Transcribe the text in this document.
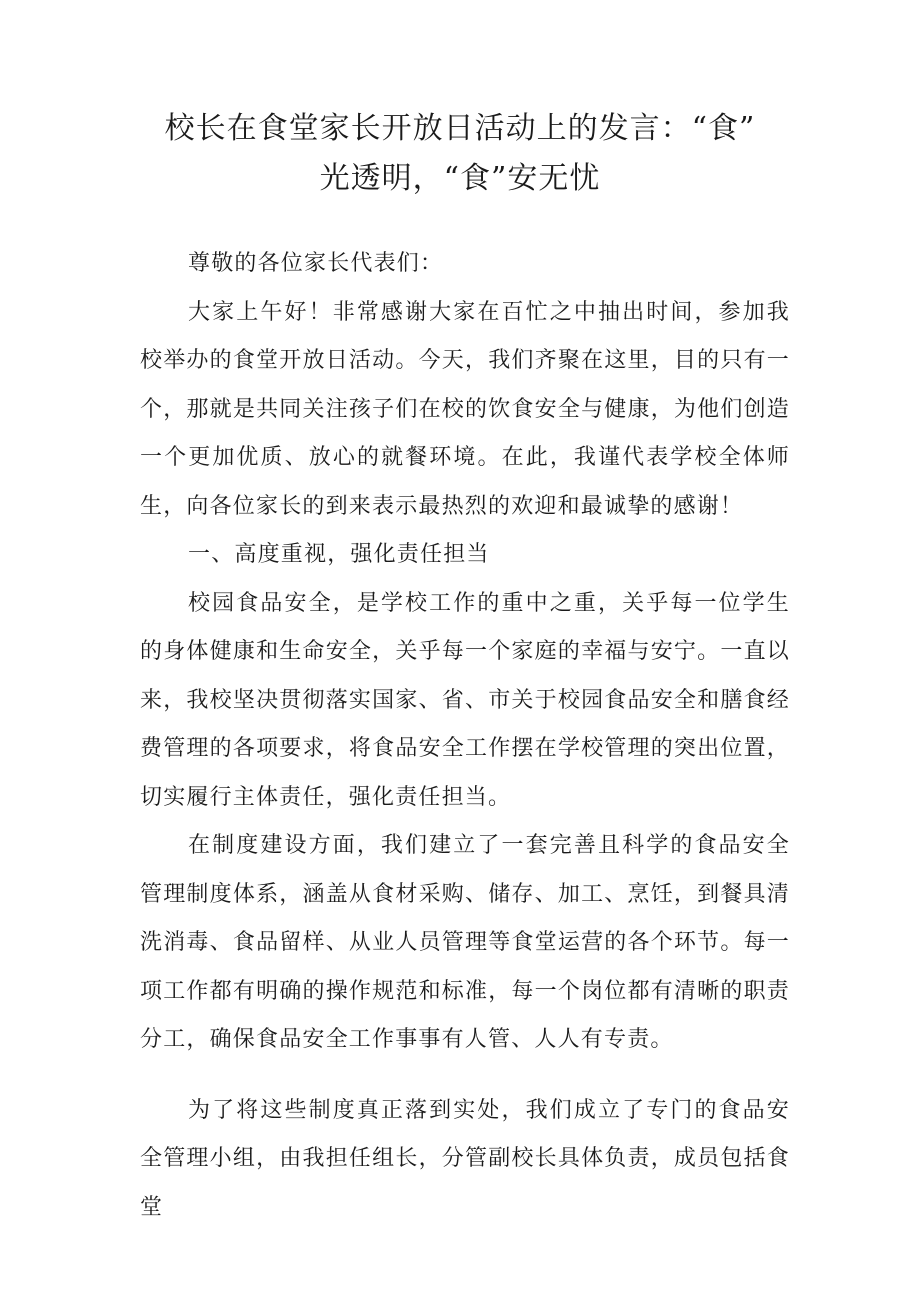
校长在食堂家长开放日活动上的发言：“食”
光透明，“食”安无忧

尊敬的各位家长代表们：

大家上午好！非常感谢大家在百忙之中抽出时间，参加我校举办的食堂开放日活动。今天，我们齐聚在这里，目的只有一个，那就是共同关注孩子们在校的饮食安全与健康，为他们创造一个更加优质、放心的就餐环境。在此，我谨代表学校全体师生，向各位家长的到来表示最热烈的欢迎和最诚挚的感谢！

一、高度重视，强化责任担当

校园食品安全，是学校工作的重中之重，关乎每一位学生的身体健康和生命安全，关乎每一个家庭的幸福与安宁。一直以来，我校坚决贯彻落实国家、省、市关于校园食品安全和膳食经费管理的各项要求，将食品安全工作摆在学校管理的突出位置，切实履行主体责任，强化责任担当。

在制度建设方面，我们建立了一套完善且科学的食品安全管理制度体系，涵盖从食材采购、储存、加工、烹饪，到餐具清洗消毒、食品留样、从业人员管理等食堂运营的各个环节。每一项工作都有明确的操作规范和标准，每一个岗位都有清晰的职责分工，确保食品安全工作事事有人管、人人有专责。

为了将这些制度真正落到实处，我们成立了专门的食品安全管理小组，由我担任组长，分管副校长具体负责，成员包括食堂
